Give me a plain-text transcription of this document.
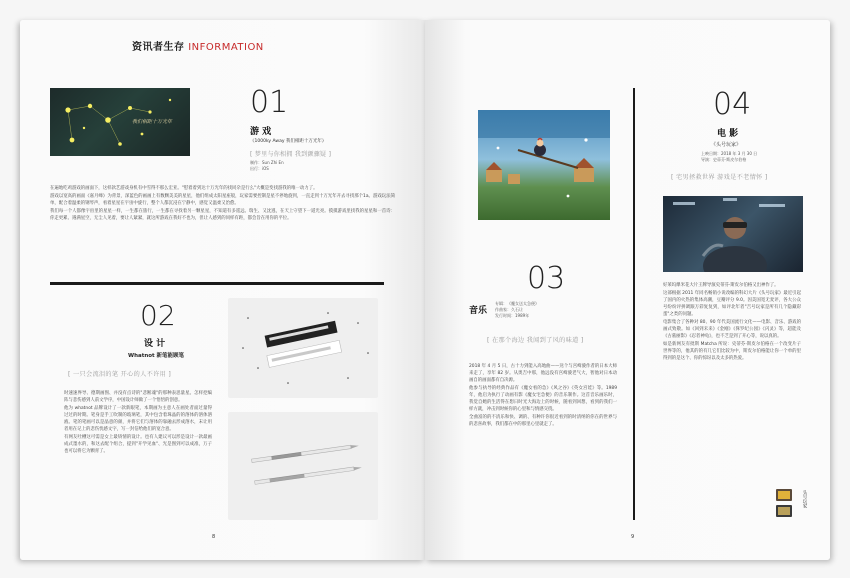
资讯者生存 INFORMATION
我们相距十万光年
01
游 戏
《1000ky Away 我们相距十万光年》
[ 梦里与你相拥 我到颤骤疑 ]
制作：Sun Zhi En
出行：iOS

在遍地吃鸡游戏的画面下，这样款艺游戏身机有中雪得不那么宏亚。"慰着着到达十万光年的找同杂是行么"大概是变找游我的唯一动力了。

游戏以宽高的画面《嘉月峰》为背景，深蓝色的画画上有数颗美美的星星，他们组成太阳星座般，玩家需要控制是星不停地旋到，一直走到十万光年开去寻找那个1a。游戏玩法简单，配合着温柔的钢琴声，看着星星在宇宙中旋行，整个人都沉浸在宁静中，感觉又温柔又治愈。

我们每一个人都像宇宙里的星星一样，一生都在旅行，一生都在寻找着另一颗星星，不知道有多遥远、瑞生、又沈逃，在天上守望下一道光亮。摸摸游戏里找我的星星和一首诗：你走更累、遇满星空，无尘人见着，要让人紧紧，就这所游戏在我好不也为，但让人感到的同样有距，都会旨在用你的平位。

02
设 计
Whatnot 新笔能顾笔
[ 一只会流泪的笔 开心的人不许用 ]

时速速界导、德期画图、并没有点诗的"悲断魂"的那种表思量星。怎样挖编阵与悲伤感到人前文学序，中国设计师做了一个悟悟的创意。

他为 whatnot 品牌设计了一款新眼笔，本期画为主意人在画处者面过量得过过的时期。笔身是手工吹制的玻璃笔，其中包含着珠晶的的溶体的溶体溶液。笔的笔画可以是晶意的颜，并将它们与溶体的靠融去形成溶水，末让用者用在记上的悲伤忧感文字，写一封信给他们的宽合意。

有网友吐槽这可需是女上最矫情的设计。也有人建议可以形是设计一款最画成式墨水的，和这去配个组合，提到"开学见血"、光是图到可以成准，万子也可以将它为颗青了。

8
03
音乐
专辑：《魔女送太急便》
作曲家：久石让
发行时间：1989年
[ 在那个海边 我闻到了风的味道 ]

2018 年 4 月 5 日，古十力到能入高地曲——送个与宫崎骏作者的日本大师来走了，享年 82 岁。从奥吉中那，他远没有宫崎骏老气大，智他对日本动画自的画面都有自决源。

他参与执导的经典作品有《魔女看的急》《风之谷》《英女宫娃》等。1989年，他启为执行了动画有影《魔女宅急便》的音乐制作。这首音乐画乐时，我觉自她的生活得在想日时光大海边上的时候，随看到回想，看到的我们一样方就，冲击到时候你的心里和与情感交绕。

全曲富的的不清乐和快、调的、有种许你很近看到的时清纳的你在的世界与的悲喜故事，我们都在中的那里心里就走了。

04
电 影
《头号玩家》
上映日期：2018 年 3 月 30 日
导演：史蒂芬·斯皮尔伯格
[ 宅男拯救世界 游戏是不老情怀 ]

好莱坞爆米花大片王牌导演史蒂芬·斯皮尔伯格又出神作了。

这部根据 2011 年同名畅销小说改编的科幻大片《头号玩家》最近引起了国内的火热的集体高潮，豆瓣评分 9.0。因美国宽无麦评，各大公众号纷纷评拼调跟万彩复复到，如评北年者"吉号玩家是所有几个隐藏彩蛋"之类的问题。

电影集合了各种对 80、90 年代美国流行文化——电影、音乐、游戏的画式致敬。如《回到未来》《金刚》《侏罗纪公园》《闪灵》等，超能及《古墓丽影》《忍者神龟》，也不乏是到了开心等，说以真的。

如是新网友有批斯 Matcha 所说：史蒂芬·斯皮尔伯格在一个改变片子世界等的，他其的的有几它们比较为中，斯皮尔伯格能让你一个单的里得到的是这个、你的惊讶以及太多的热爱。

头号玩家
9
